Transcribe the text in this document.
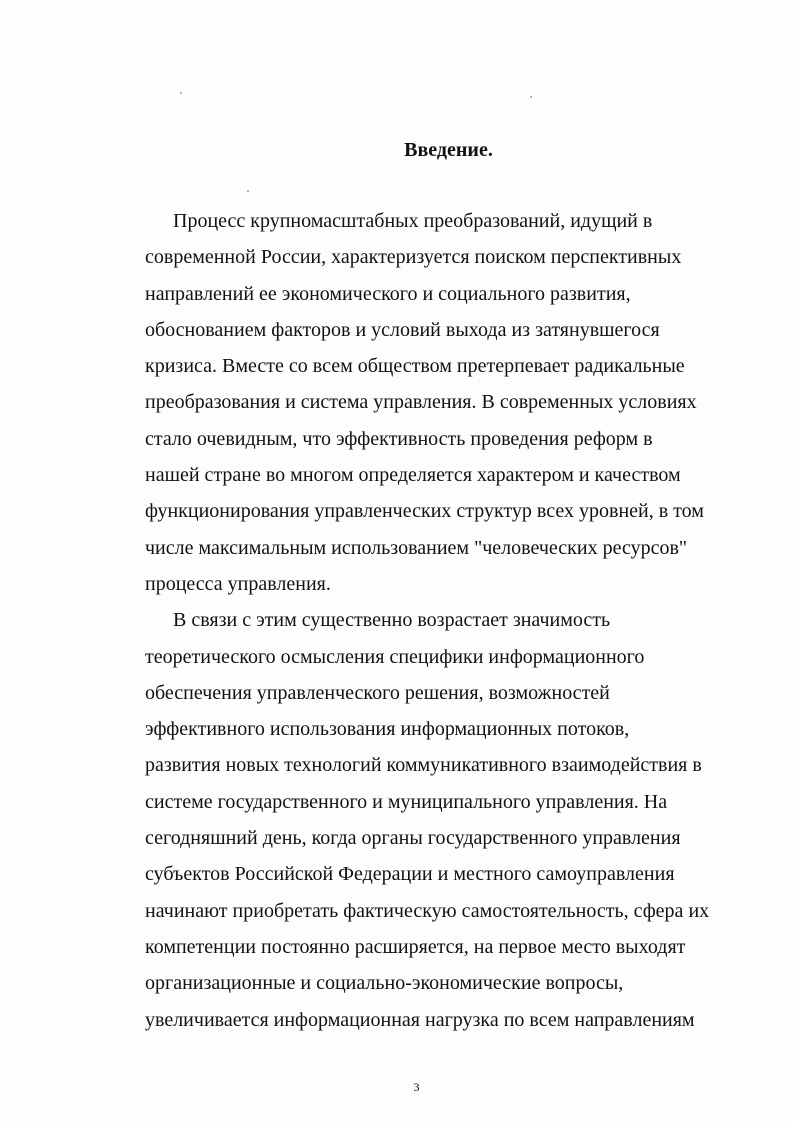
Введение.
Процесс крупномасштабных преобразований, идущий в
современной России, характеризуется поиском перспективных
направлений ее экономического и социального развития,
обоснованием факторов и условий выхода из затянувшегося
кризиса. Вместе со всем обществом претерпевает радикальные
преобразования и система управления. В современных условиях
стало очевидным, что эффективность проведения реформ в
нашей стране во многом определяется характером и качеством
функционирования управленческих структур всех уровней, в том
числе максимальным использованием "человеческих ресурсов"
процесса управления.
В связи с этим существенно возрастает значимость
теоретического осмысления специфики информационного
обеспечения управленческого решения, возможностей
эффективного использования информационных потоков,
развития новых технологий коммуникативного взаимодействия в
системе государственного и муниципального управления. На
сегодняшний день, когда органы государственного управления
субъектов Российской Федерации и местного самоуправления
начинают приобретать фактическую самостоятельность, сфера их
компетенции постоянно расширяется, на первое место выходят
организационные и социально-экономические вопросы,
увеличивается информационная нагрузка по всем направлениям
3
